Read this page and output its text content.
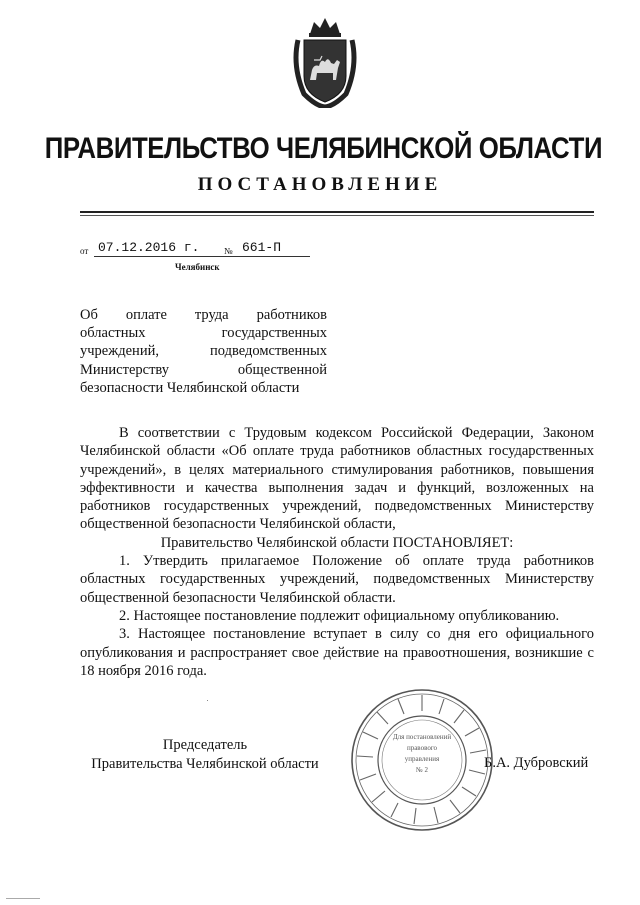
ПРАВИТЕЛЬСТВО ЧЕЛЯБИНСКОЙ ОБЛАСТИ
ПОСТАНОВЛЕНИЕ
от 07.12.2016 г.	№ 661-П
Челябинск
Об оплате труда работников
областных государственных
учреждений, подведомственных
Министерству общественной
безопасности Челябинской области

В соответствии с Трудовым кодексом Российской Федерации, Законом Челябинской области «Об оплате труда работников областных государственных учреждений», в целях материального стимулирования работников, повышения эффективности и качества выполнения задач и функций, возложенных на работников государственных учреждений, подведомственных Министерству общественной безопасности Челябинской области,

Правительство Челябинской области ПОСТАНОВЛЯЕТ:

1. Утвердить прилагаемое Положение об оплате труда работников областных государственных учреждений, подведомственных Министерству общественной безопасности Челябинской области.

2. Настоящее постановление подлежит официальному опубликованию.

3. Настоящее постановление вступает в силу со дня его официального опубликования и распространяет свое действие на правоотношения, возникшие с 18 ноября 2016 года.

Председатель
Правительства Челябинской области
Для постановлений
правового
управления
№ 2	Б.А. Дубровский
